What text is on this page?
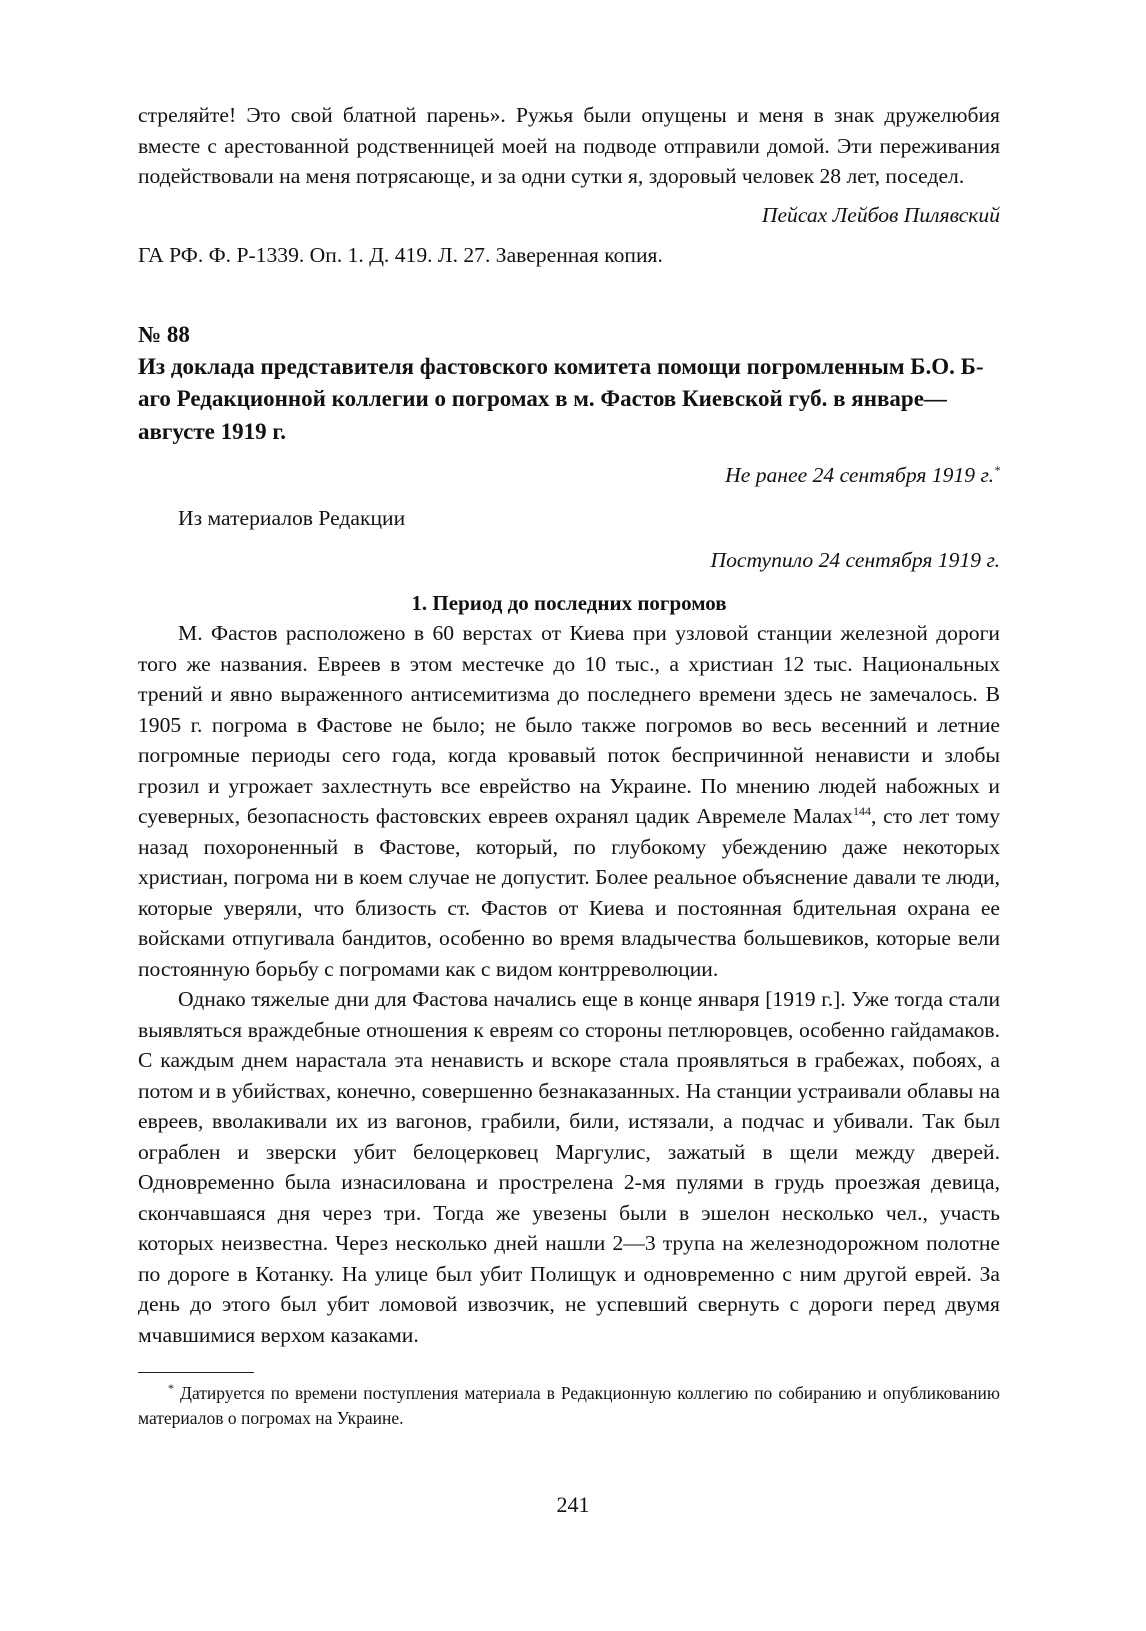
стреляйте! Это свой блатной парень». Ружья были опущены и меня в знак дружелюбия вместе с арестованной родственницей моей на подводе отправили домой. Эти переживания подействовали на меня потрясающе, и за одни сутки я, здоровый человек 28 лет, поседел.

Пейсах Лейбов Пилявский

ГА РФ. Ф. Р-1339. Оп. 1. Д. 419. Л. 27. Заверенная копия.

№ 88
Из доклада представителя фастовского комитета помощи погромленным Б.О. Б-аго Редакционной коллегии о погромах в м. Фастов Киевской губ. в январе—августе 1919 г.

Не ранее 24 сентября 1919 г.*

Из материалов Редакции

Поступило 24 сентября 1919 г.

1. Период до последних погромов

М. Фастов расположено в 60 верстах от Киева при узловой станции железной дороги того же названия. Евреев в этом местечке до 10 тыс., а христиан 12 тыс. Национальных трений и явно выраженного антисемитизма до последнего времени здесь не замечалось. В 1905 г. погрома в Фастове не было; не было также погромов во весь весенний и летние погромные периоды сего года, когда кровавый поток беспричинной ненависти и злобы грозил и угрожает захлестнуть все еврейство на Украине. По мнению людей набожных и суеверных, безопасность фастовских евреев охранял цадик Авремеле Малах$^{144}$, сто лет тому назад похороненный в Фастове, который, по глубокому убеждению даже некоторых христиан, погрома ни в коем случае не допустит. Более реальное объяснение давали те люди, которые уверяли, что близость ст. Фастов от Киева и постоянная бдительная охрана ее войсками отпугивала бандитов, особенно во время владычества большевиков, которые вели постоянную борьбу с погромами как с видом контрреволюции.

Однако тяжелые дни для Фастова начались еще в конце января [1919 г.]. Уже тогда стали выявляться враждебные отношения к евреям со стороны петлюровцев, особенно гайдамаков. С каждым днем нарастала эта ненависть и вскоре стала проявляться в грабежах, побоях, а потом и в убийствах, конечно, совершенно безнаказанных. На станции устраивали облавы на евреев, вволакивали их из вагонов, грабили, били, истязали, а подчас и убивали. Так был ограблен и зверски убит белоцерковец Маргулис, зажатый в щели между дверей. Одновременно была изнасилована и прострелена 2-мя пулями в грудь проезжая девица, скончавшаяся дня через три. Тогда же увезены были в эшелон несколько чел., участь которых неизвестна. Через несколько дней нашли 2—3 трупа на железнодорожном полотне по дороге в Котанку. На улице был убит Полищук и одновременно с ним другой еврей. За день до этого был убит ломовой извозчик, не успевший свернуть с дороги перед двумя мчавшимися верхом казаками.

* Датируется по времени поступления материала в Редакционную коллегию по собиранию и опубликованию материалов о погромах на Украине.

241
